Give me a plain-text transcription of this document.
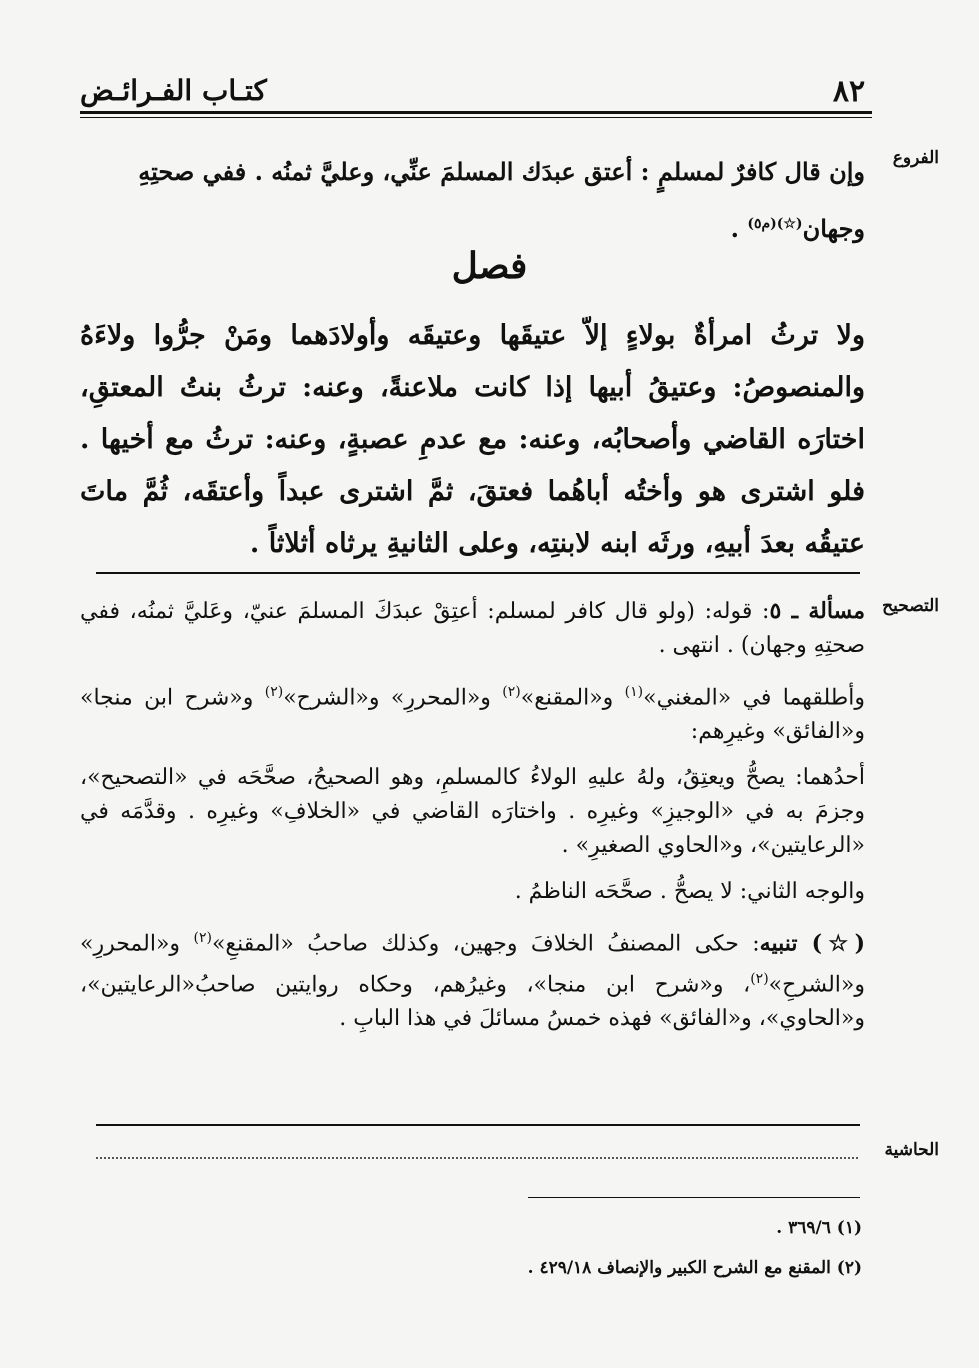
٨٢
كتـاب الفـرائـض
الفروع
وإن قال كافرٌ لمسلمٍ : أعتق عبدَك المسلمَ عنِّي، وعليَّ ثمنُه . ففي صحتِهِ
وجهان$^{(☆)(م٥)}$ .
فصل
ولا ترثُ امرأةٌ بولاءٍ إلاّ عتيقَها وعتيقَه وأولادَهما ومَنْ جرُّوا ولاءَهُ والمنصوصُ: وعتيقُ أبيها إذا كانت ملاعنةً، وعنه: ترثُ بنتُ المعتقِ، اختارَه القاضي وأصحابُه، وعنه: مع عدمِ عصبةٍ، وعنه: ترثُ مع أخيها . فلو اشترى هو وأختُه أباهُما فعتقَ، ثمَّ اشترى عبداً وأعتقَه، ثُمَّ ماتَ عتيقُه بعدَ أبيهِ، ورثَه ابنه لابنتِه، وعلى الثانيةِ يرثاه أثلاثاً .
التصحيح

مسألة ـ ٥: قوله: (ولو قال كافر لمسلم: أعتِقْ عبدَكَ المسلمَ عنيّ، وعَليَّ ثمنُه، ففي صحتِهِ وجهان) . انتهى .

وأطلقهما في «المغني»$^{(١)}$ و«المقنع»$^{(٢)}$ و«المحررِ» و«الشرح»$^{(٢)}$ و«شرح ابن منجا» و«الفائق» وغيرِهم:

أحدُهما: يصحُّ ويعتِقُ، ولهُ عليهِ الولاءُ كالمسلمِ، وهو الصحيحُ، صحَّحَه في «التصحيح»، وجزمَ به في «الوجيزِ» وغيرِه . واختارَه القاضي في «الخلافِ» وغيرِه . وقدَّمَه في «الرعايتين»، و«الحاوي الصغيرِ» .

والوجه الثاني: لا يصحُّ . صحَّحَه الناظمُ .

(☆) تنبيه: حكى المصنفُ الخلافَ وجهين، وكذلك صاحبُ «المقنعِ»$^{(٢)}$ و«المحررِ» و«الشرحِ»$^{(٢)}$، و«شرح ابن منجا»، وغيرُهم، وحكاه روايتين صاحبُ«الرعايتين»، و«الحاوي»، و«الفائق» فهذه خمسُ مسائلَ في هذا البابِ .

الحاشية
(١) ٣٦٩/٦ .
(٢) المقنع مع الشرح الكبير والإنصاف ٤٢٩/١٨ .
